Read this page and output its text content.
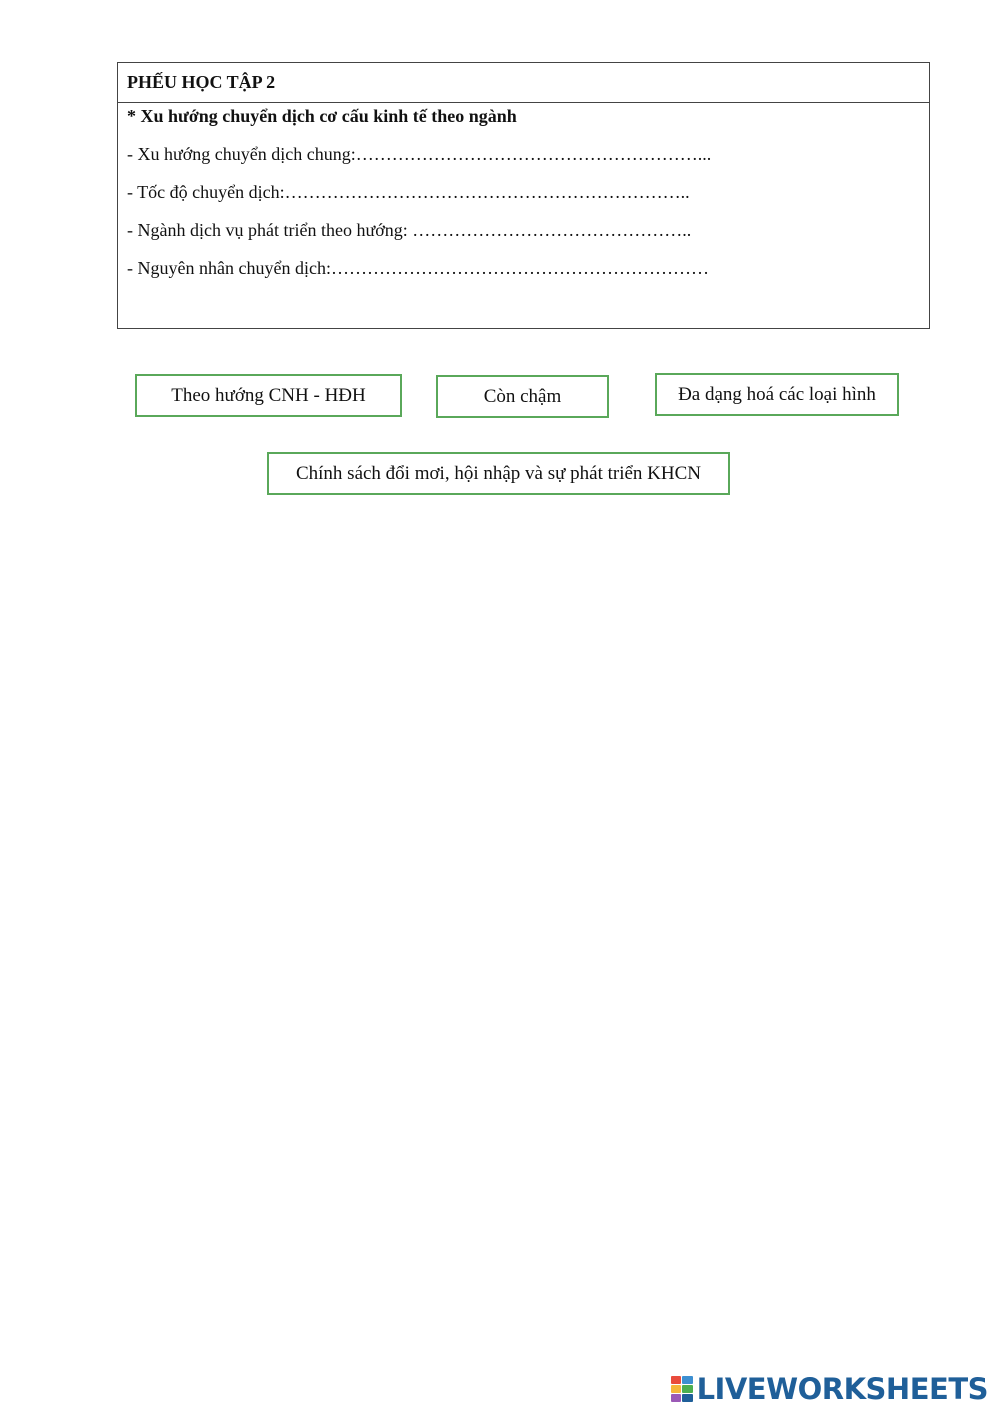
PHẾU HỌC TẬP 2
* Xu hướng chuyển dịch cơ cấu kinh tế theo ngành
- Xu hướng chuyển dịch chung:…………………………………………………...
- Tốc độ chuyển dịch:…………………………………………………………..
- Ngành dịch vụ phát triển theo hướng: ………………………………………..
- Nguyên nhân chuyển dịch:………………………………………………………
Theo hướng CNH - HĐH	Còn chậm	Đa dạng hoá các loại hình
Chính sách đổi mơi, hội nhập và sự phát triển KHCN
LIVEWORKSHEETS
